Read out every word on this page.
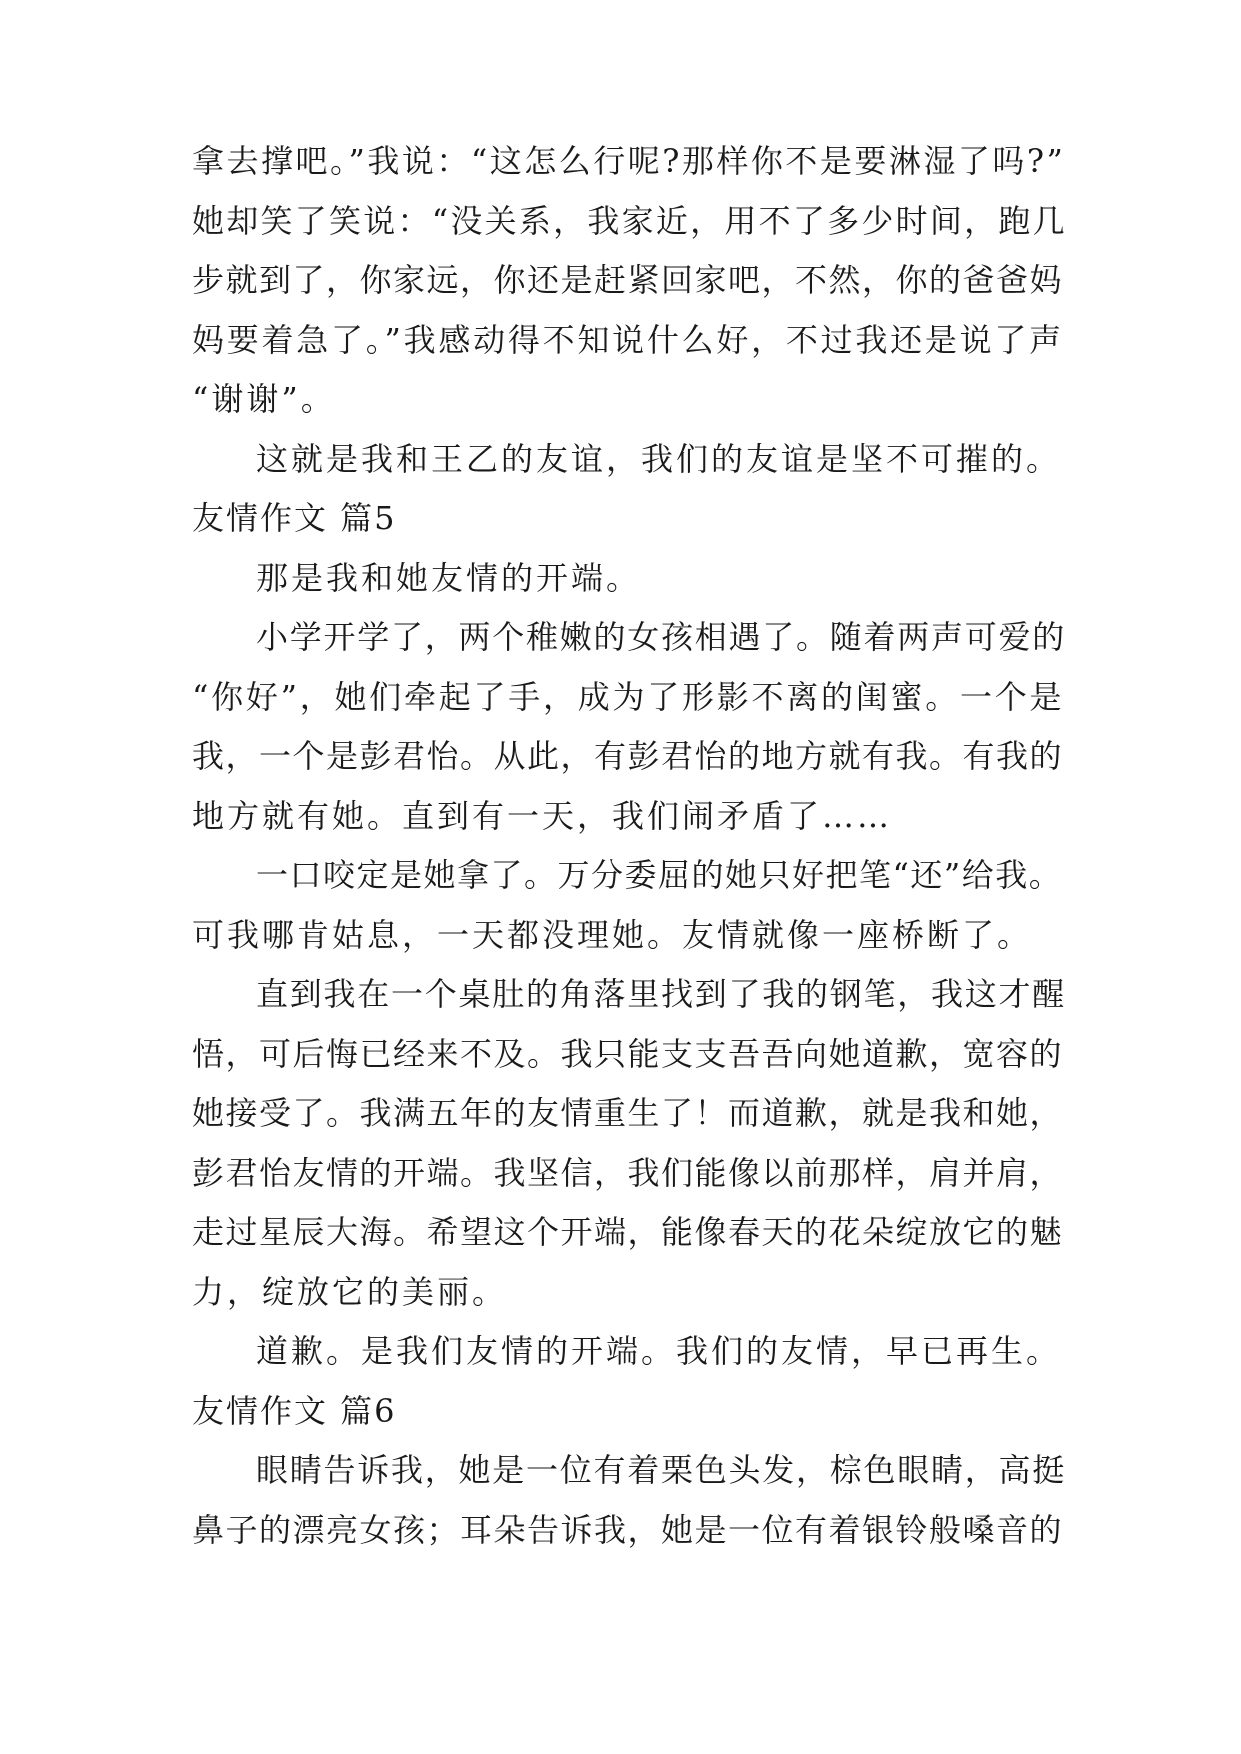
拿去撑吧。”我说：“这怎么行呢?那样你不是要淋湿了吗?”

她却笑了笑说：“没关系，我家近，用不了多少时间，跑几

步就到了，你家远，你还是赶紧回家吧，不然，你的爸爸妈

妈要着急了。”我感动得不知说什么好，不过我还是说了声

“谢谢”。

这就是我和王乙的友谊，我们的友谊是坚不可摧的。

友情作文 篇5

那是我和她友情的开端。

小学开学了，两个稚嫩的女孩相遇了。随着两声可爱的

“你好”，她们牵起了手，成为了形影不离的闺蜜。一个是

我，一个是彭君怡。从此，有彭君怡的地方就有我。有我的

地方就有她。直到有一天，我们闹矛盾了……

一口咬定是她拿了。万分委屈的她只好把笔“还”给我。

可我哪肯姑息，一天都没理她。友情就像一座桥断了。

直到我在一个桌肚的角落里找到了我的钢笔，我这才醒

悟，可后悔已经来不及。我只能支支吾吾向她道歉，宽容的

她接受了。我满五年的友情重生了！而道歉，就是我和她，

彭君怡友情的开端。我坚信，我们能像以前那样，肩并肩，

走过星辰大海。希望这个开端，能像春天的花朵绽放它的魅

力，绽放它的美丽。

道歉。是我们友情的开端。我们的友情，早已再生。

友情作文 篇6

眼睛告诉我，她是一位有着栗色头发，棕色眼睛，高挺

鼻子的漂亮女孩；耳朵告诉我，她是一位有着银铃般嗓音的
